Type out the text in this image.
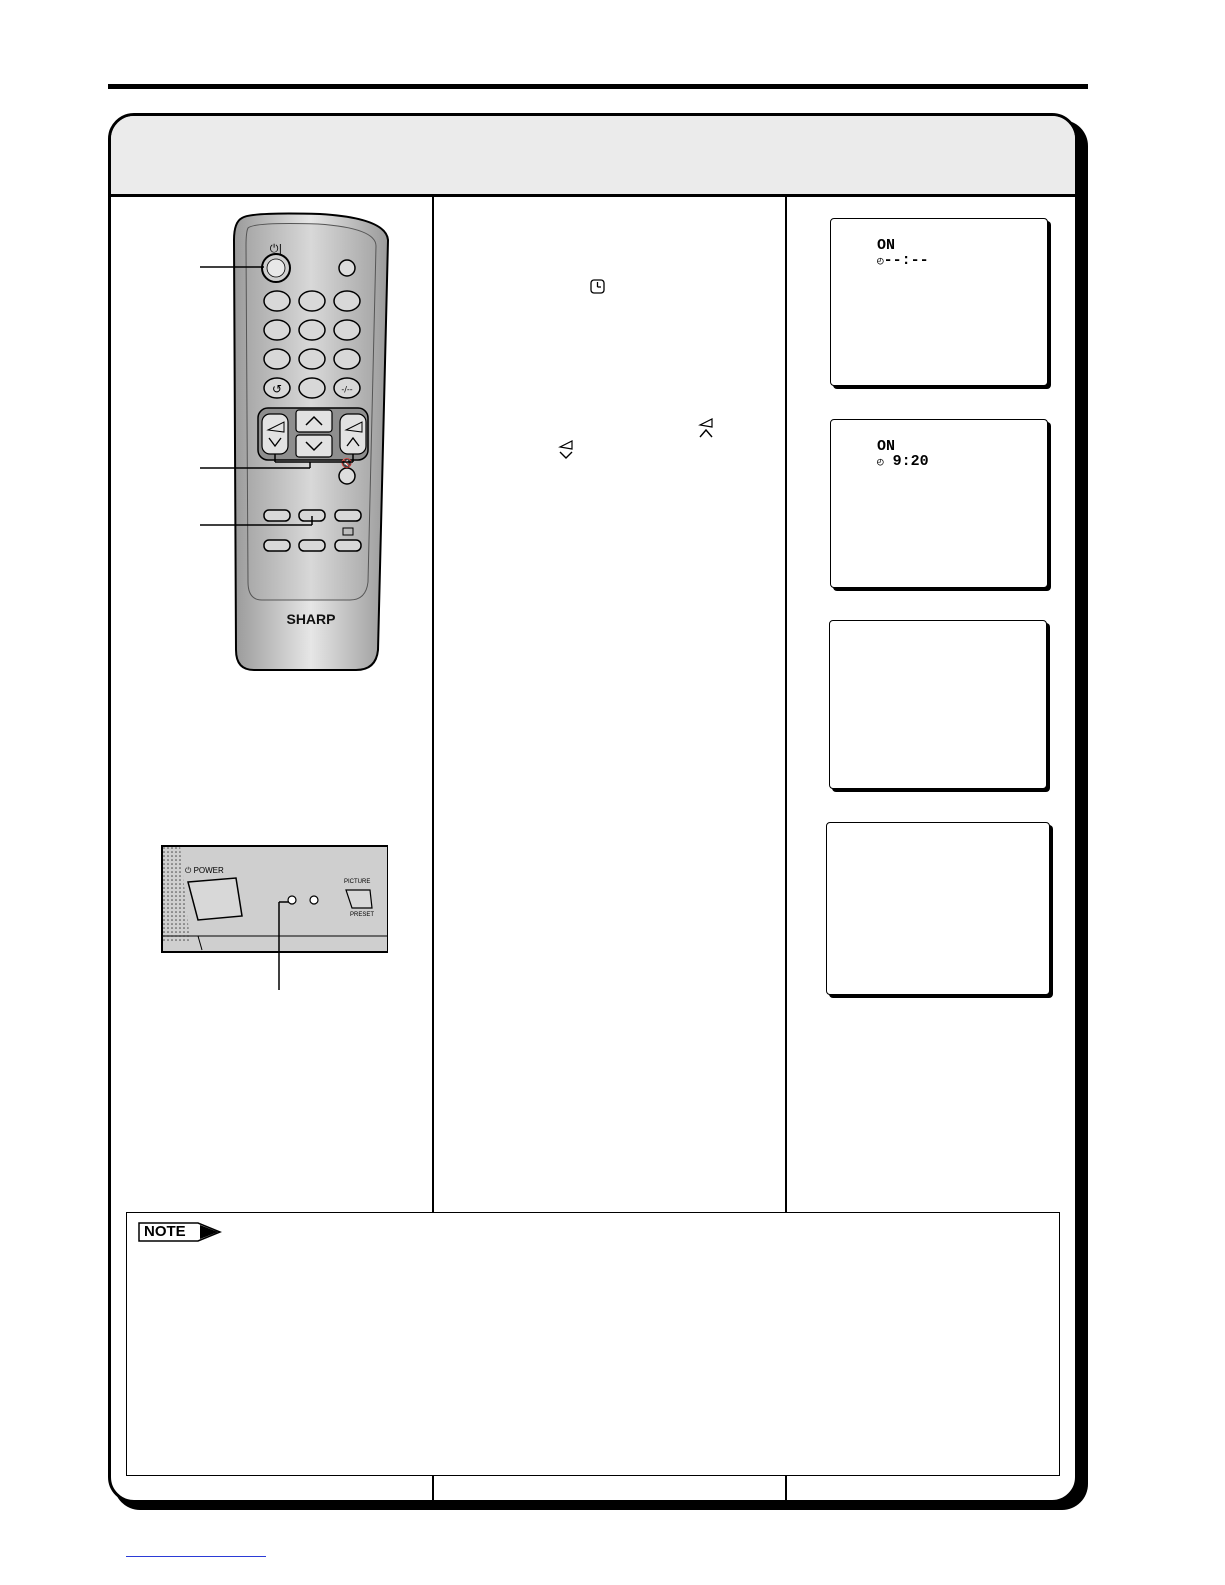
⏻|
↺	-/--
🔇
SHARP
⏻ POWER
PICTURE
PRESET

ON
◴--:--

ON
◴ 9:20

NOTE
